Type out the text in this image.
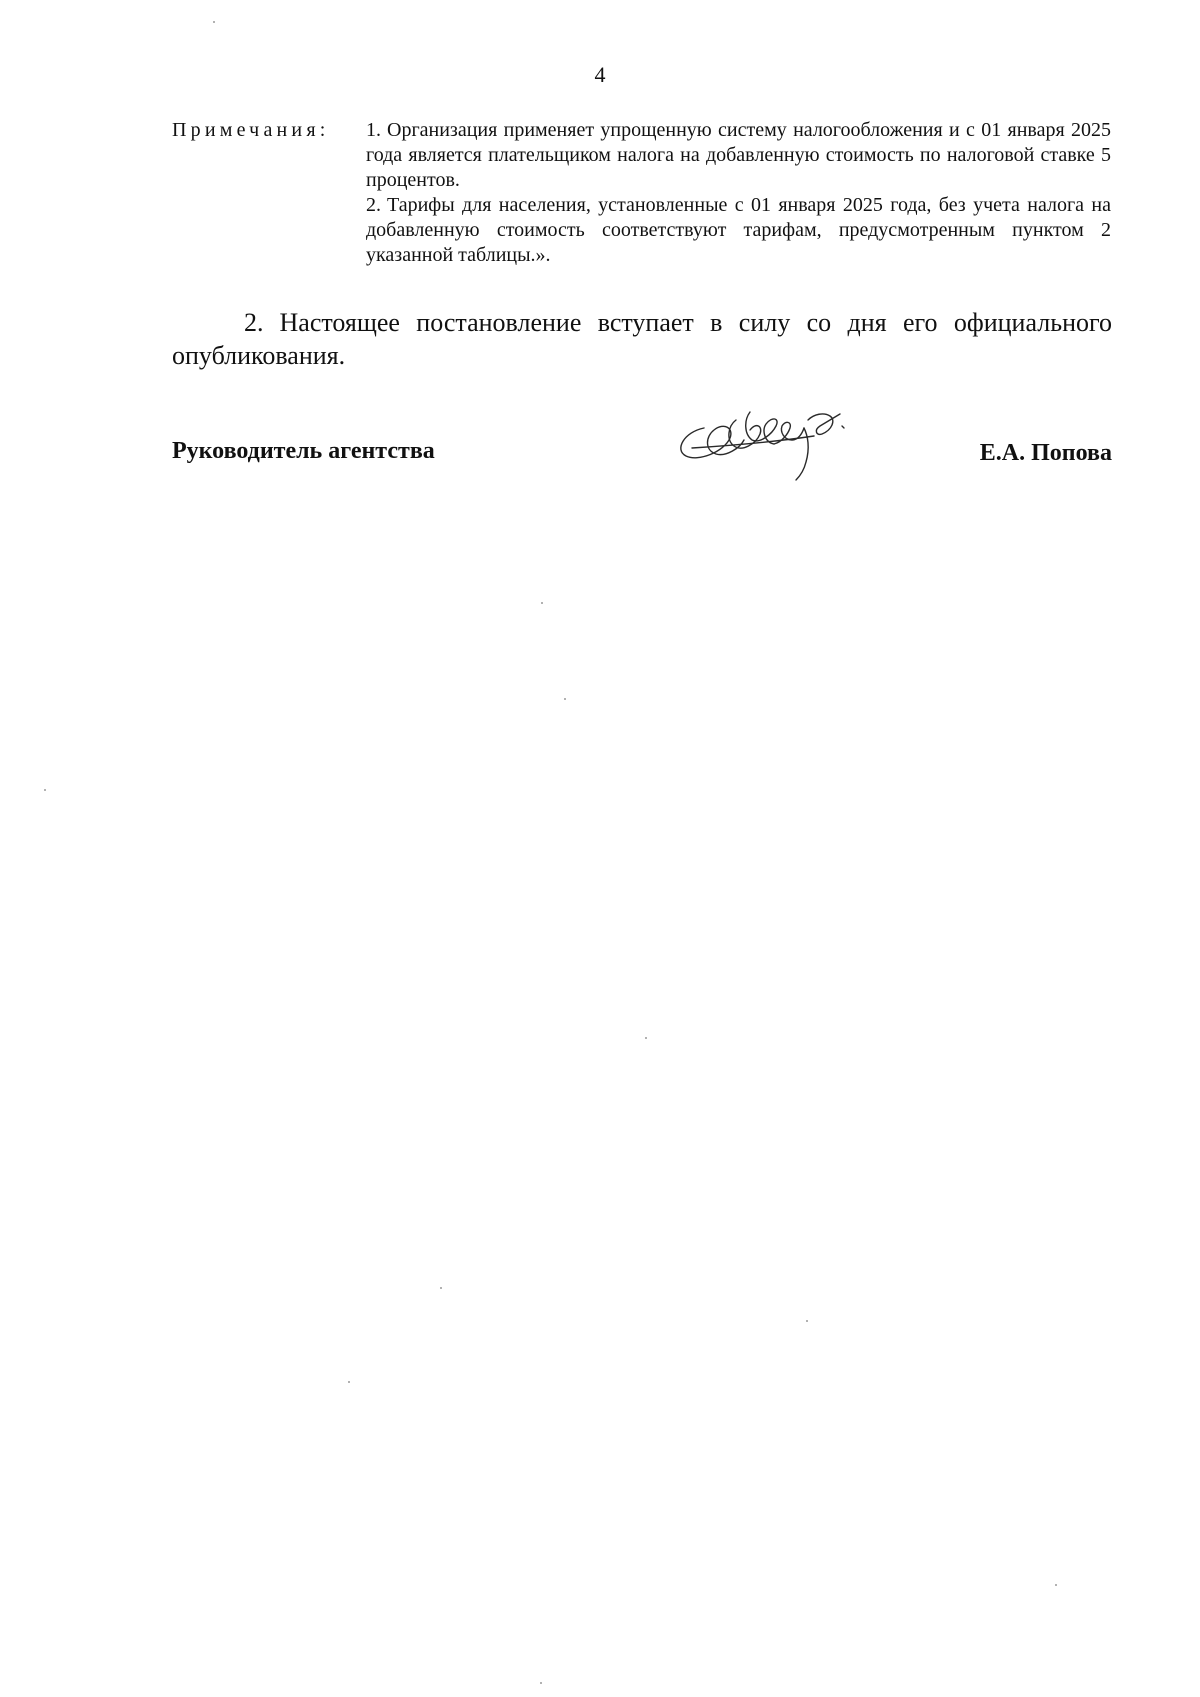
4
Примечания:	1. Организация применяет упрощенную систему налогообложения и с 01 января 2025 года является плательщиком налога на добавленную стоимость по налоговой ставке 5 процентов.
2. Тарифы для населения, установленные с 01 января 2025 года, без учета налога на добавленную стоимость соответствуют тарифам, предусмотренным пунктом 2 указанной таблицы.».
2. Настоящее постановление вступает в силу со дня его официального опубликования.
Руководитель агентства	Е.А. Попова
